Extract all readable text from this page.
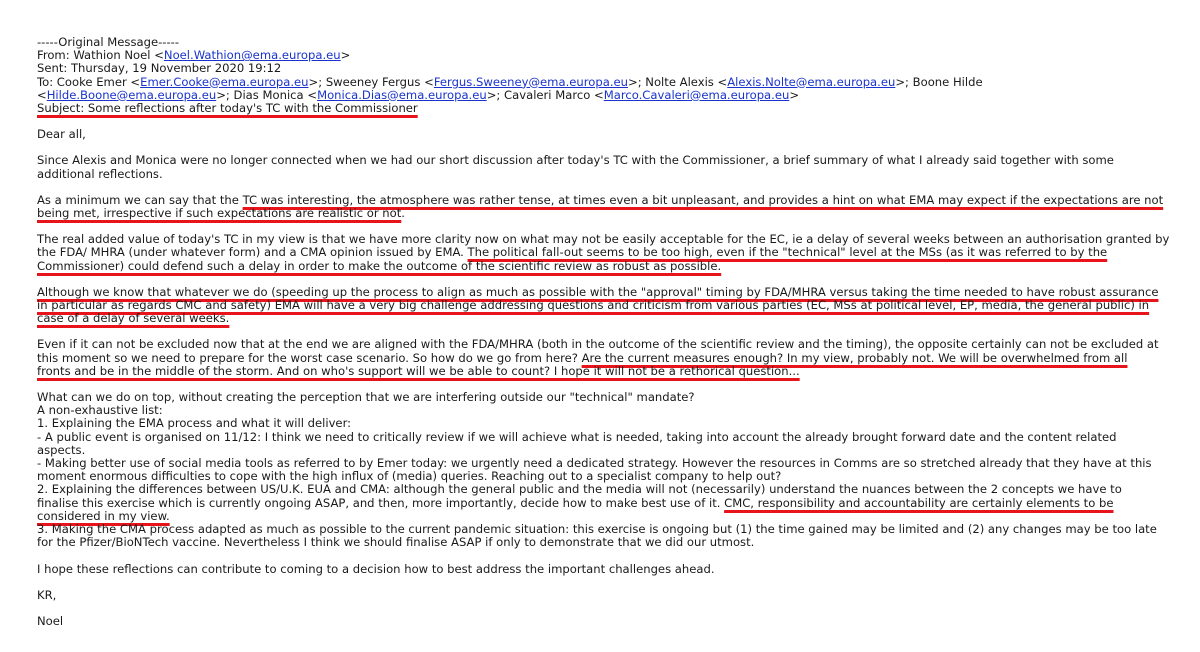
-----Original Message-----
From: Wathion Noel <Noel.Wathion@ema.europa.eu>
Sent: Thursday, 19 November 2020 19:12
To: Cooke Emer <Emer.Cooke@ema.europa.eu>; Sweeney Fergus <Fergus.Sweeney@ema.europa.eu>; Nolte Alexis <Alexis.Nolte@ema.europa.eu>; Boone Hilde
<Hilde.Boone@ema.europa.eu>; Dias Monica <Monica.Dias@ema.europa.eu>; Cavaleri Marco <Marco.Cavaleri@ema.europa.eu>
Subject: Some reflections after today's TC with the Commissioner
Dear all,
Since Alexis and Monica were no longer connected when we had our short discussion after today's TC with the Commissioner, a brief summary of what I already said together with some
additional reflections.
As a minimum we can say that the TC was interesting, the atmosphere was rather tense, at times even a bit unpleasant, and provides a hint on what EMA may expect if the expectations are not
being met, irrespective if such expectations are realistic or not.
The real added value of today's TC in my view is that we have more clarity now on what may not be easily acceptable for the EC, ie a delay of several weeks between an authorisation granted by
the FDA/ MHRA (under whatever form) and a CMA opinion issued by EMA. The political fall-out seems to be too high, even if the "technical" level at the MSs (as it was referred to by the
Commissioner) could defend such a delay in order to make the outcome of the scientific review as robust as possible.
Although we know that whatever we do (speeding up the process to align as much as possible with the "approval" timing by FDA/MHRA versus taking the time needed to have robust assurance
in particular as regards CMC and safety) EMA will have a very big challenge addressing questions and criticism from various parties (EC, MSs at political level, EP, media, the general public) in
case of a delay of several weeks.
Even if it can not be excluded now that at the end we are aligned with the FDA/MHRA (both in the outcome of the scientific review and the timing), the opposite certainly can not be excluded at
this moment so we need to prepare for the worst case scenario. So how do we go from here? Are the current measures enough? In my view, probably not. We will be overwhelmed from all
fronts and be in the middle of the storm. And on who's support will we be able to count? I hope it will not be a rethorical question...
What can we do on top, without creating the perception that we are interfering outside our "technical" mandate?
A non-exhaustive list:
1. Explaining the EMA process and what it will deliver:
- A public event is organised on 11/12: I think we need to critically review if we will achieve what is needed, taking into account the already brought forward date and the content related
aspects.
- Making better use of social media tools as referred to by Emer today: we urgently need a dedicated strategy. However the resources in Comms are so stretched already that they have at this
moment enormous difficulties to cope with the high influx of (media) queries. Reaching out to a specialist company to help out?
2. Explaining the differences between US/U.K. EUA and CMA: although the general public and the media will not (necessarily) understand the nuances between the 2 concepts we have to
finalise this exercise which is currently ongoing ASAP, and then, more importantly, decide how to make best use of it. CMC, responsibility and accountability are certainly elements to be
considered in my view.
3. Making the CMA process adapted as much as possible to the current pandemic situation: this exercise is ongoing but (1) the time gained may be limited and (2) any changes may be too late
for the Pfizer/BioNTech vaccine. Nevertheless I think we should finalise ASAP if only to demonstrate that we did our utmost.
I hope these reflections can contribute to coming to a decision how to best address the important challenges ahead.
KR,
Noel
